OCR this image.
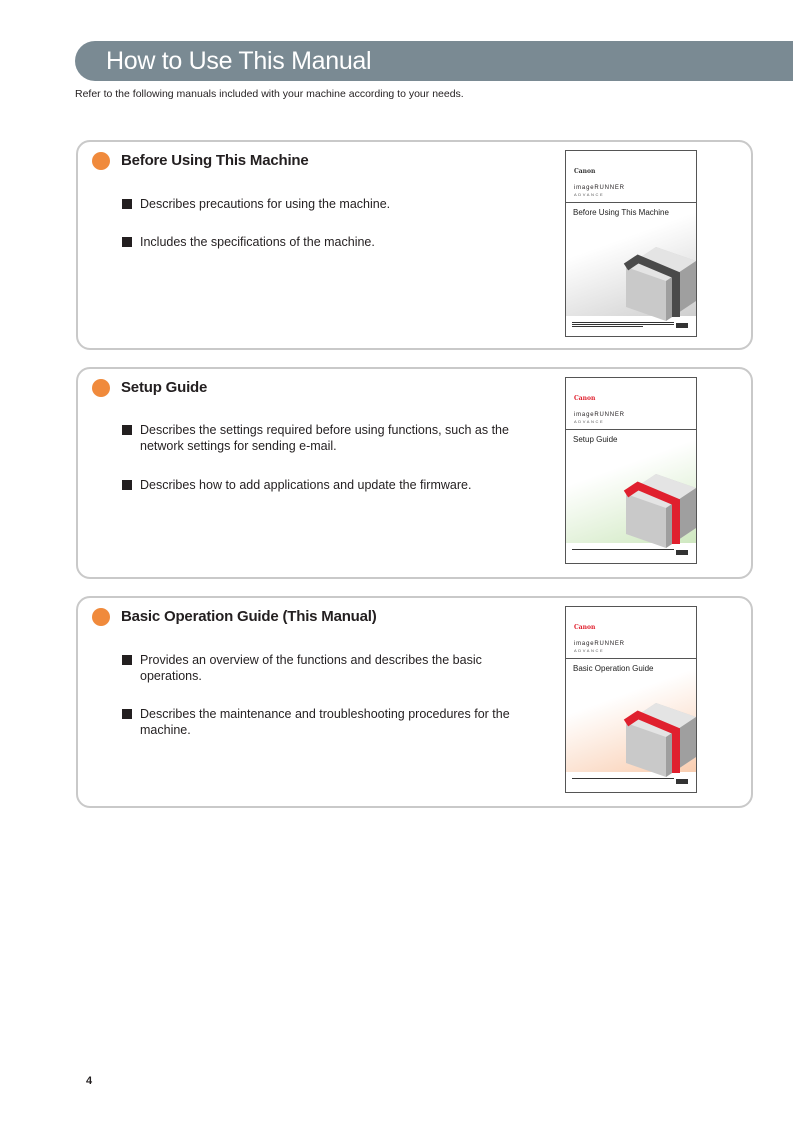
How to Use This Manual
Refer to the following manuals included with your machine according to your needs.
Before Using This Machine
Describes precautions for using the machine.
Includes the specifications of the machine.
Canon
imageRUNNER
ADVANCE
Before Using This Machine
Setup Guide
Describes the settings required before using functions, such as the network settings for sending e-mail.
Describes how to add applications and update the firmware.
Canon
imageRUNNER
ADVANCE
Setup Guide
Basic Operation Guide (This Manual)
Provides an overview of the functions and describes the basic operations.
Describes the maintenance and troubleshooting procedures for the machine.
Canon
imageRUNNER
ADVANCE
Basic Operation Guide
4
